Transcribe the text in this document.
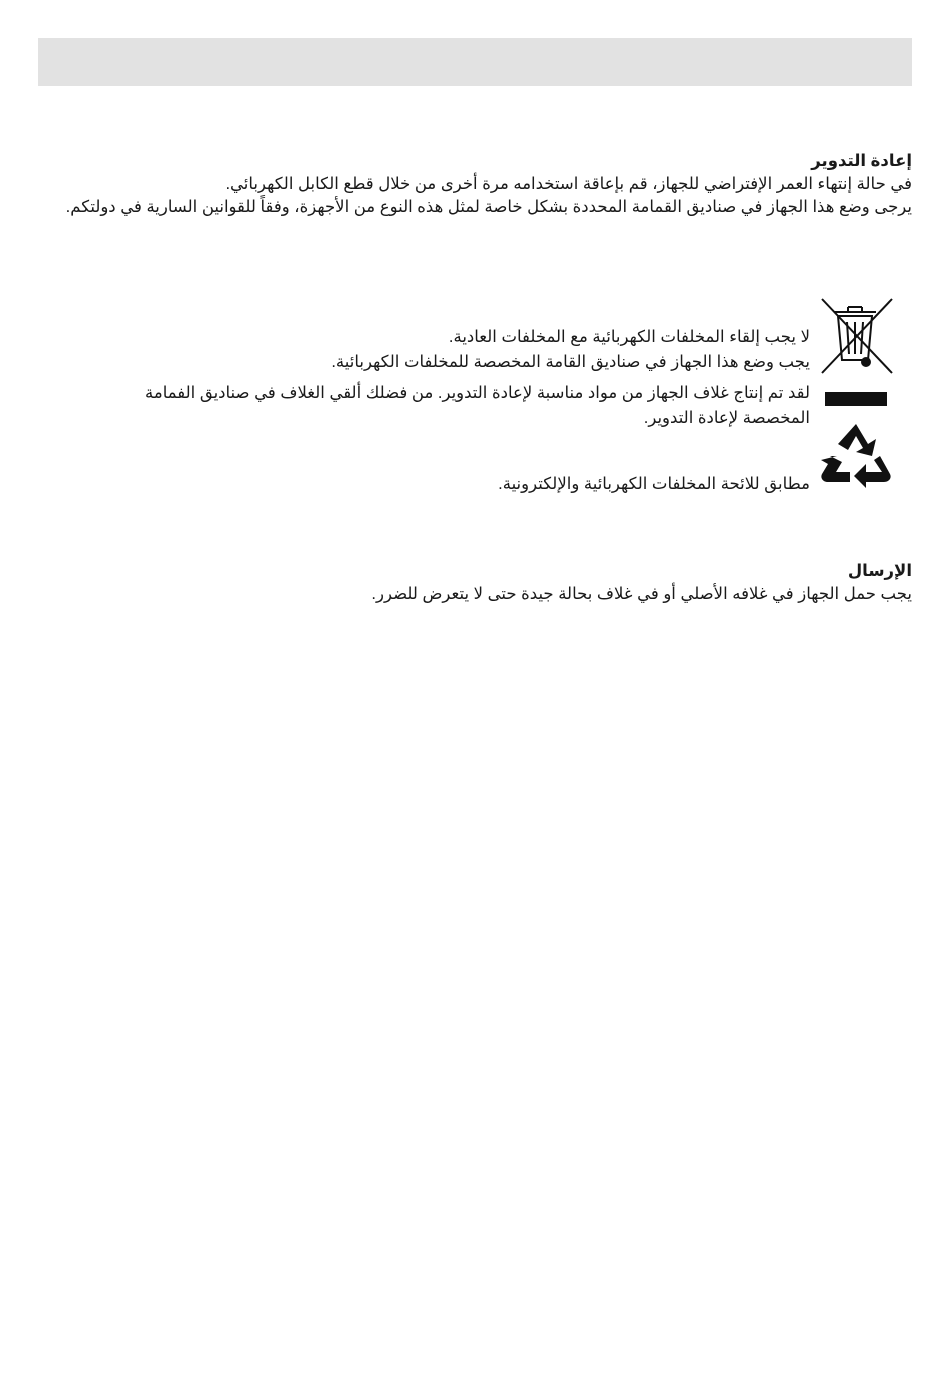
إعادة التدوير
في حالة إنتهاء العمر الإفتراضي للجهاز، قم بإعاقة استخدامه مرة أخرى من خلال قطع الكابل الكهربائي.
يرجى وضع هذا الجهاز في صناديق القمامة المحددة بشكل خاصة لمثل هذه النوع من الأجهزة، وفقاً للقوانين السارية في دولتكم.
لا يجب إلقاء المخلفات الكهربائية مع المخلفات العادية.
يجب وضع هذا الجهاز في صناديق القامة المخصصة للمخلفات الكهربائية.
لقد تم إنتاج غلاف الجهاز من مواد مناسبة لإعادة التدوير. من فضلك ألقي الغلاف في صناديق الفمامة
المخصصة لإعادة التدوير.
مطابق للائحة المخلفات الكهربائية والإلكترونية.
الإرسال
يجب حمل الجهاز في غلافه الأصلي أو في غلاف بحالة جيدة حتى لا يتعرض للضرر.
